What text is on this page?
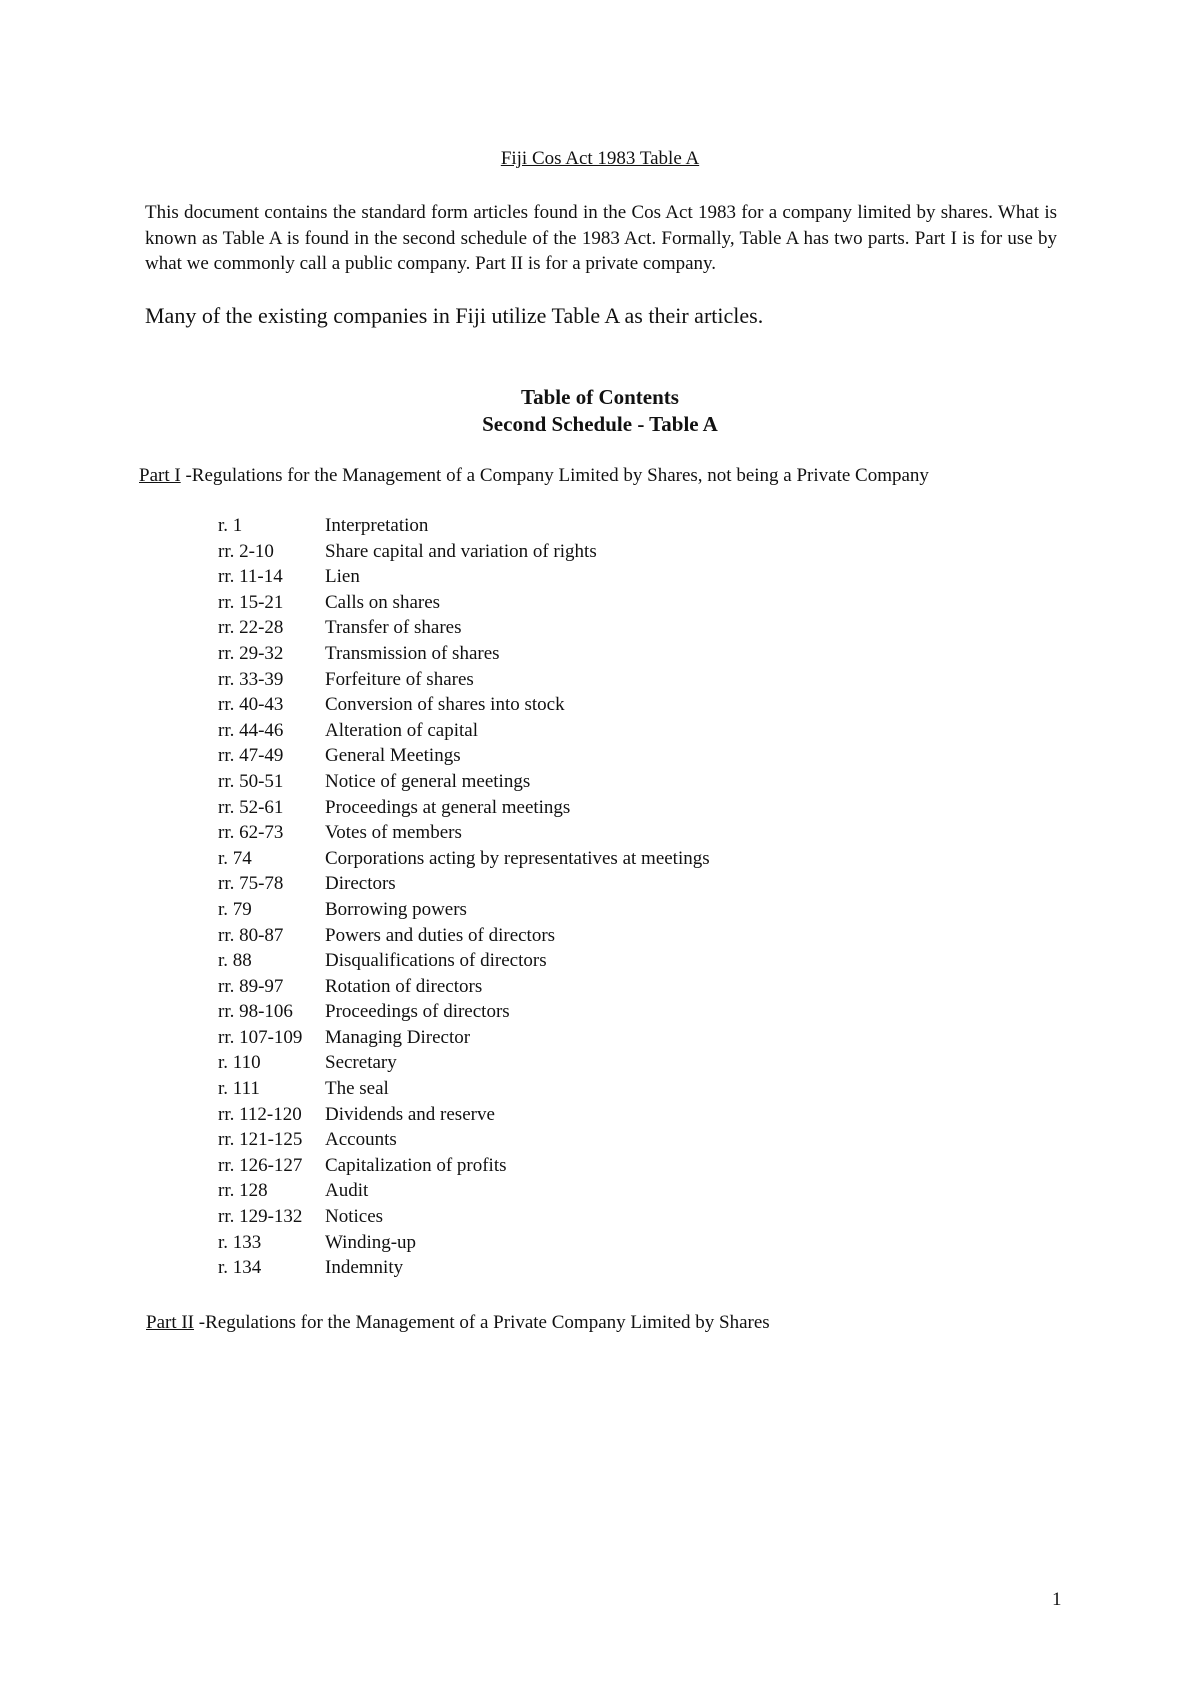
Fiji Cos Act 1983 Table A

This document contains the standard form articles found in the Cos Act 1983 for a company limited by shares. What is known as Table A is found in the second schedule of the 1983 Act. Formally, Table A has two parts. Part I is for use by what we commonly call a public company. Part II is for a private company.

Many of the existing companies in Fiji utilize Table A as their articles.

Table of Contents
Second Schedule - Table A
Part I -Regulations for the Management of a Company Limited by Shares, not being a Private Company
r. 1	Interpretation
rr. 2-10	Share capital and variation of rights
rr. 11-14 Lien
rr. 15-21 Calls on shares
rr. 22-28 Transfer of shares
rr. 29-32 Transmission of shares
rr. 33-39 Forfeiture of shares
rr. 40-43 Conversion of shares into stock
rr. 44-46 Alteration of capital
rr. 47-49 General Meetings
rr. 50-51 Notice of general meetings
rr. 52-61 Proceedings at general meetings
rr. 62-73 Votes of members
r. 74	Corporations acting by representatives at meetings
rr. 75-78 Directors
r. 79	Borrowing powers
rr. 80-87 Powers and duties of directors
r. 88	Disqualifications of directors
rr. 89-97 Rotation of directors
rr. 98-106 Proceedings of directors
rr. 107-109 Managing Director
r. 110	Secretary
r. 111	The seal
rr. 112-120 Dividends and reserve
rr. 121-125 Accounts
rr. 126-127 Capitalization of profits
rr. 128	Audit
rr. 129-132 Notices
r. 133	Winding-up
r. 134	Indemnity
Part II -Regulations for the Management of a Private Company Limited by Shares
1
